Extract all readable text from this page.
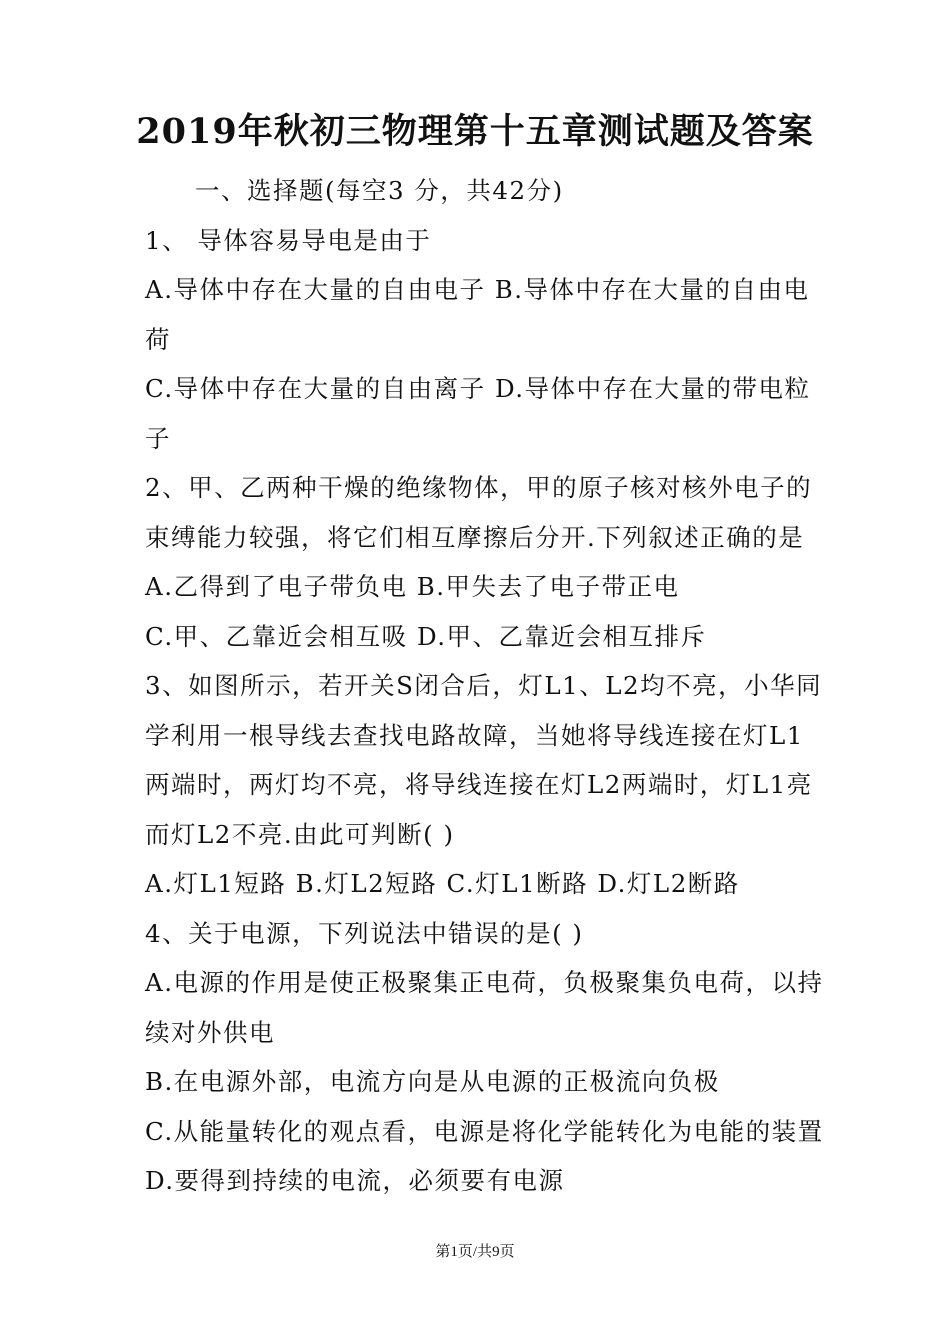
2019年秋初三物理第十五章测试题及答案
一、选择题(每空3 分，共42分)
1、 导体容易导电是由于
A.导体中存在大量的自由电子 B.导体中存在大量的自由电
荷
C.导体中存在大量的自由离子 D.导体中存在大量的带电粒
子
2、甲、乙两种干燥的绝缘物体，甲的原子核对核外电子的
束缚能力较强，将它们相互摩擦后分开.下列叙述正确的是
A.乙得到了电子带负电 B.甲失去了电子带正电
C.甲、乙靠近会相互吸 D.甲、乙靠近会相互排斥
3、如图所示，若开关S闭合后，灯L1、L2均不亮，小华同
学利用一根导线去查找电路故障，当她将导线连接在灯L1
两端时，两灯均不亮，将导线连接在灯L2两端时，灯L1亮
而灯L2不亮.由此可判断( )
A.灯L1短路 B.灯L2短路 C.灯L1断路 D.灯L2断路
4、关于电源，下列说法中错误的是( )
A.电源的作用是使正极聚集正电荷，负极聚集负电荷，以持
续对外供电
B.在电源外部，电流方向是从电源的正极流向负极
C.从能量转化的观点看，电源是将化学能转化为电能的装置
D.要得到持续的电流，必须要有电源
第1页/共9页
